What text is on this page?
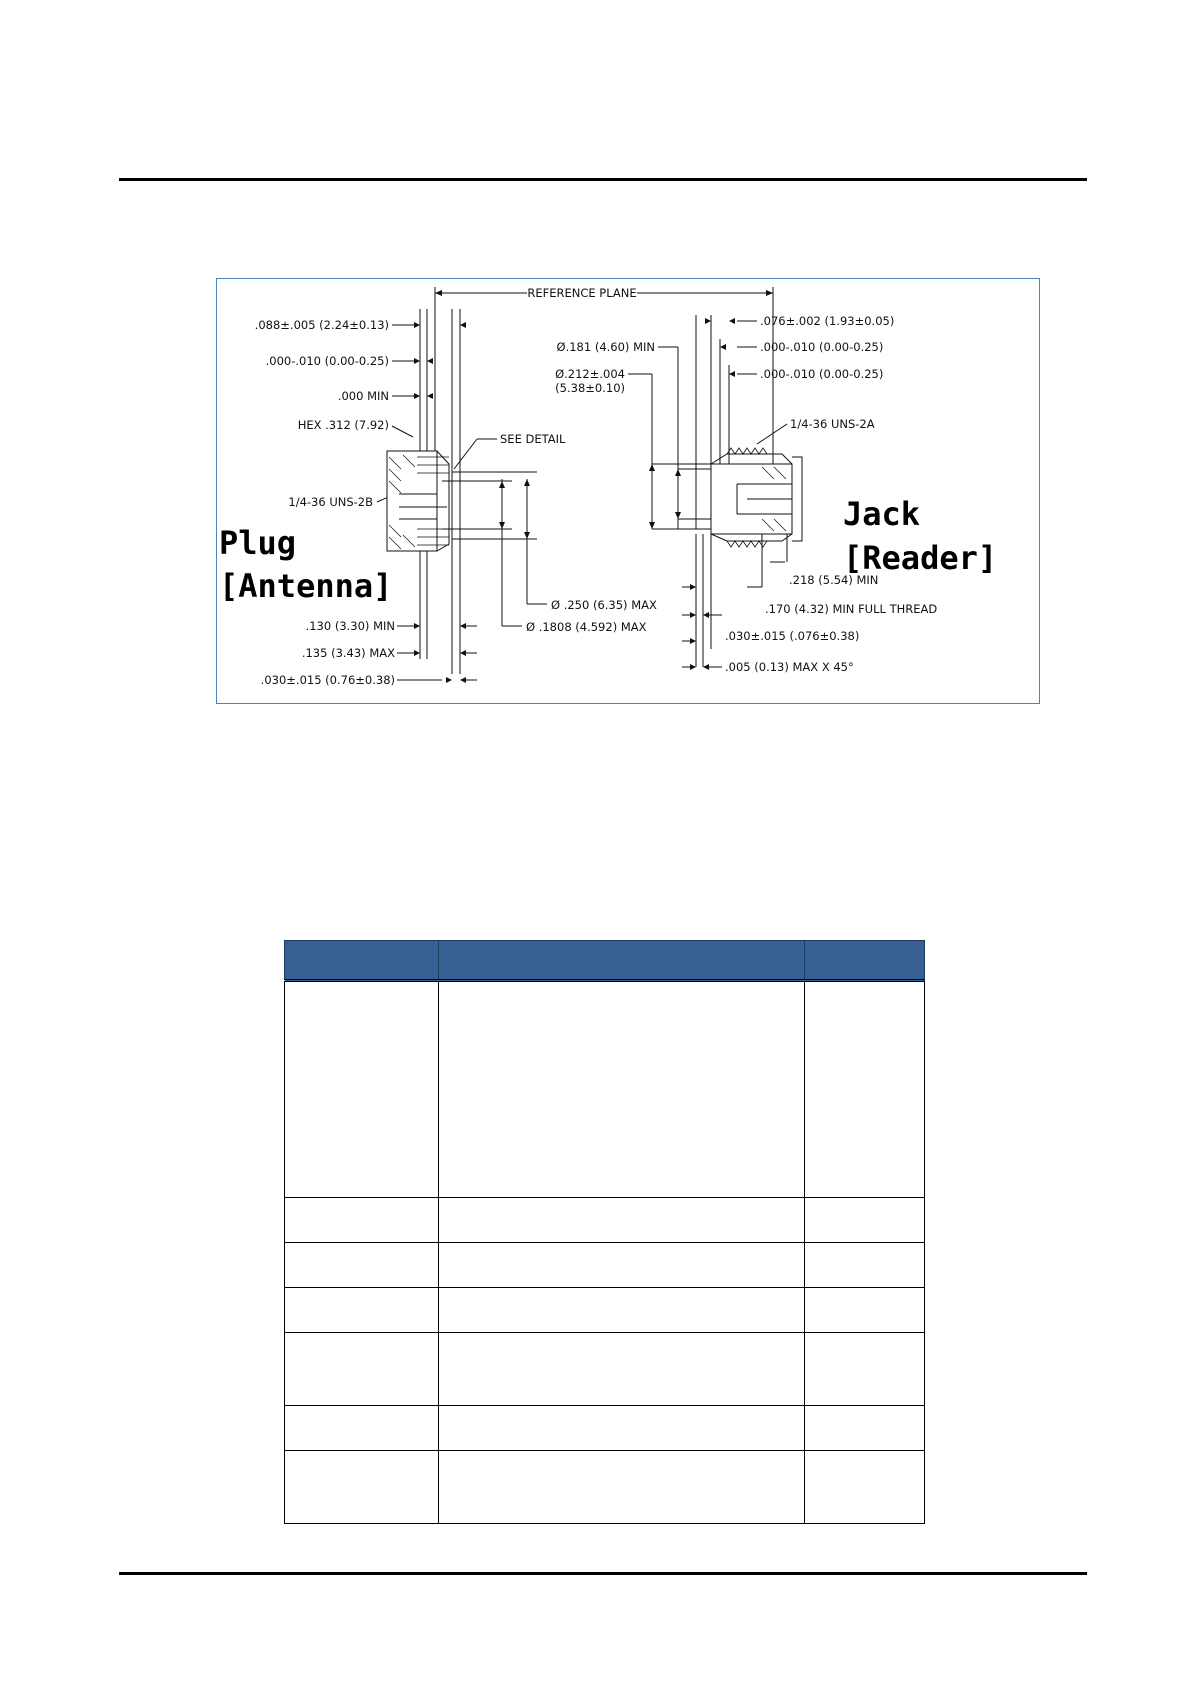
REFERENCE PLANE
.088±.005 (2.24±0.13)
.000-.010 (0.00-0.25)
.000 MIN
HEX .312 (7.92)
1/4-36 UNS-2B
.130 (3.30) MIN
.135 (3.43) MAX
.030±.015 (0.76±0.38)
Ø .250 (6.35) MAX
Ø .1808 (4.592) MAX
SEE DETAIL
.076±.002 (1.93±0.05)
.000-.010 (0.00-0.25)
.000-.010 (0.00-0.25)
Ø.181 (4.60) MIN
Ø.212±.004
(5.38±0.10)
1/4-36 UNS-2A
.218 (5.54) MIN
.170 (4.32) MIN FULL THREAD
.030±.015 (.076±0.38)
.005 (0.13) MAX X 45°
Plug
[Antenna]
Jack
[Reader]
